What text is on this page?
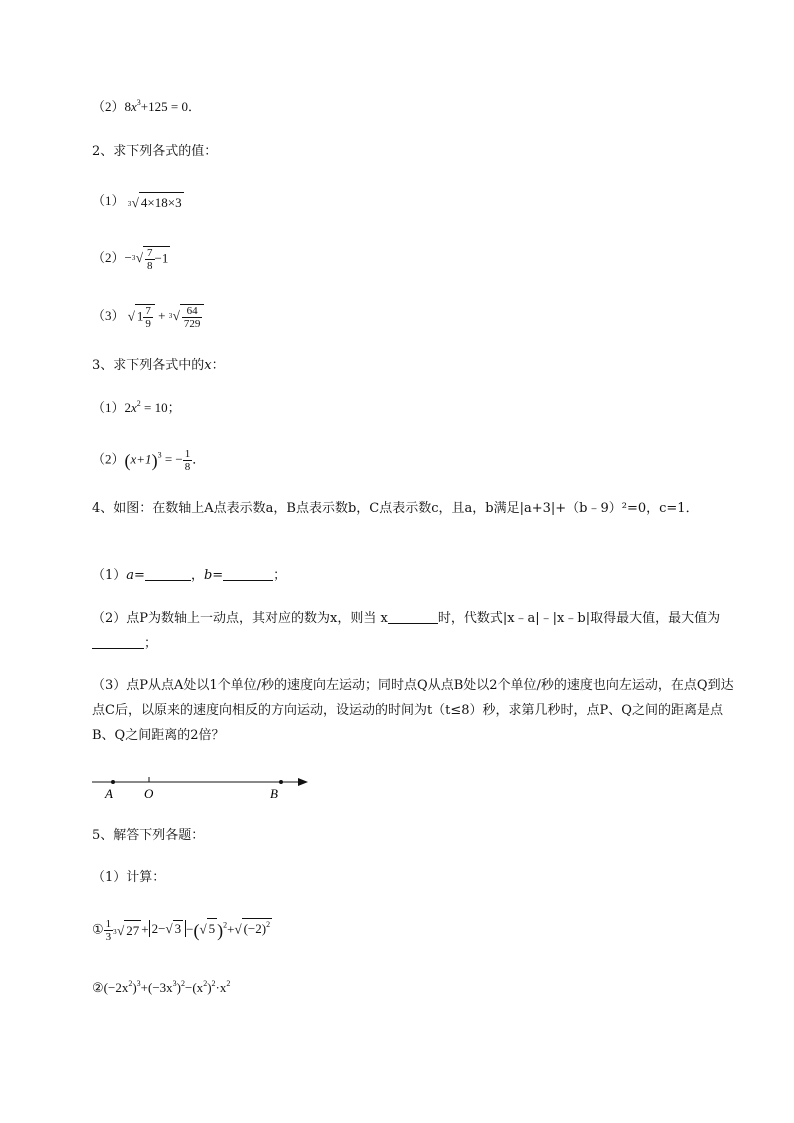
$(2)8x^3+125 = 0$．
2、求下列各式的值：
（1） 3 √ 4×18×3
（2）− 3 √ $\frac{7}{8} -1$
（3） √ $1 \frac{7}{9} + 3$ √ $\frac{64}{729}$
3、求下列各式中的x：
$(1)2x^2 = 10$；
$(2)(x+1)^3$ = − $\frac{1}{8}$ ．
4、如图：在数轴上A点表示数a，B点表示数b，C点表示数c，且a，b满足|a+3|+（b﹣9）²=0，c=1．
（1）a=	，b=	；
（2）点P为数轴上一动点，其对应的数为x，则当 x	时，代数式|x﹣a|﹣|x﹣b|取得最大值，最大值为 ；
（3）点P从点A处以1个单位/秒的速度向左运动；同时点Q从点B处以2个单位/秒的速度也向左运动，在点Q到达点C后，以原来的速度向相反的方向运动，设运动的时间为t（t≤8）秒，求第几秒时，点P、Q之间的距离是点B、Q之间距离的2倍？
A O	B
5、解答下列各题：
（1）计算：
① $\frac{1}{3} 3$ √ 27 + 2−√ 3 −(√ 5 )$^2$+√ $(-2)^2$
$②(-2x^2)^3+(-3x^3)^2-(x^2)^2\cdot x^2$
